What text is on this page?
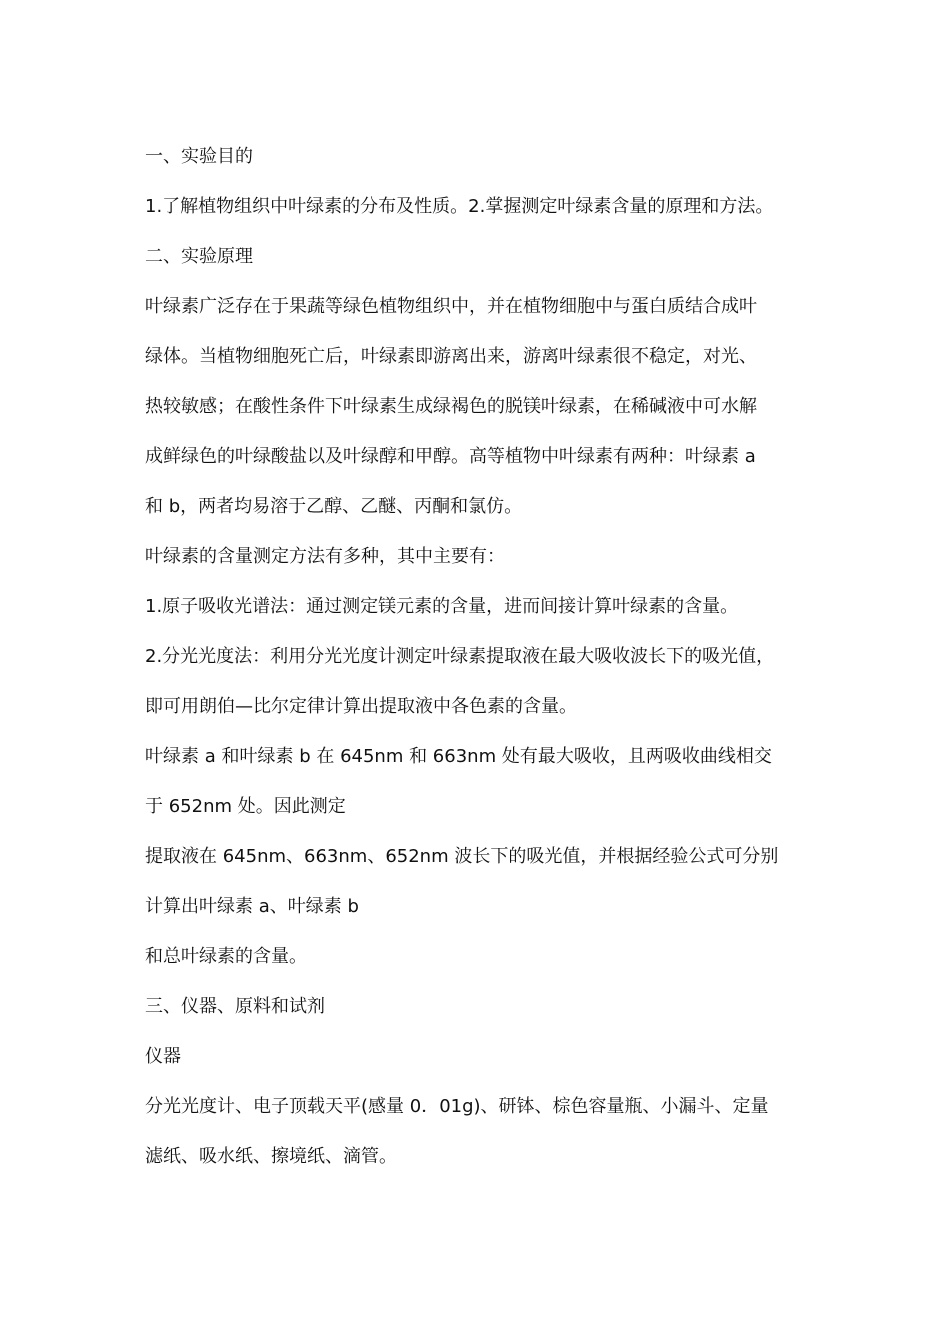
一、实验目的
1.了解植物组织中叶绿素的分布及性质。2.掌握测定叶绿素含量的原理和方法。
二、实验原理
叶绿素广泛存在于果蔬等绿色植物组织中，并在植物细胞中与蛋白质结合成叶
绿体。当植物细胞死亡后，叶绿素即游离出来，游离叶绿素很不稳定，对光、
热较敏感；在酸性条件下叶绿素生成绿褐色的脱镁叶绿素，在稀碱液中可水解
成鲜绿色的叶绿酸盐以及叶绿醇和甲醇。高等植物中叶绿素有两种：叶绿素 a
和 b，两者均易溶于乙醇、乙醚、丙酮和氯仿。
叶绿素的含量测定方法有多种，其中主要有：
1.原子吸收光谱法：通过测定镁元素的含量，进而间接计算叶绿素的含量。
2.分光光度法：利用分光光度计测定叶绿素提取液在最大吸收波长下的吸光值，
即可用朗伯—比尔定律计算出提取液中各色素的含量。
叶绿素 a 和叶绿素 b 在 645nm 和 663nm 处有最大吸收，且两吸收曲线相交
于 652nm 处。因此测定
提取液在 645nm、663nm、652nm 波长下的吸光值，并根据经验公式可分别
计算出叶绿素 a、叶绿素 b
和总叶绿素的含量。
三、仪器、原料和试剂
仪器
分光光度计、电子顶载天平(感量 0．01g)、研钵、棕色容量瓶、小漏斗、定量
滤纸、吸水纸、擦境纸、滴管。
